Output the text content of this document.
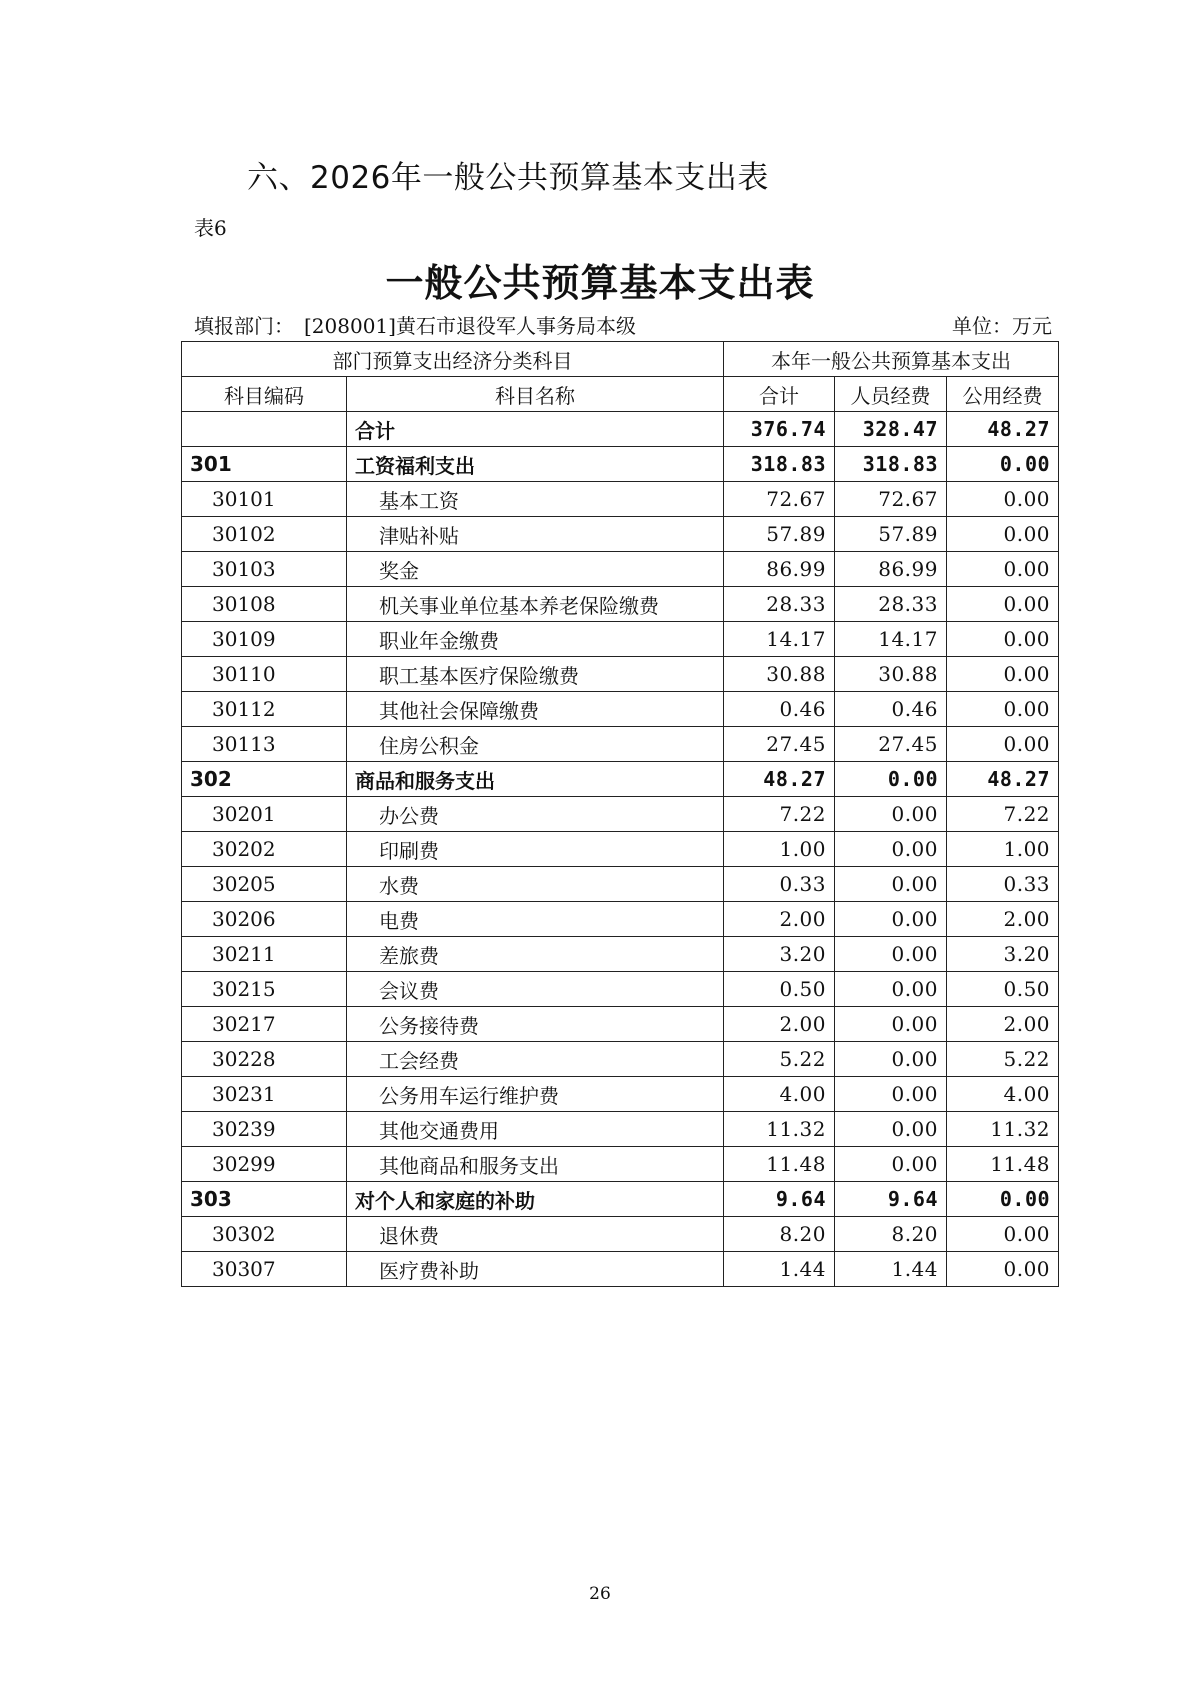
六、2026年一般公共预算基本支出表
表6
一般公共预算基本支出表
填报部门： [208001]黄石市退役军人事务局本级	单位：万元
部门预算支出经济分类科目		本年一般公共预算基本支出		
科目编码	科目名称	合计	人员经费	公用经费
	合计	376.74	328.47	48.27
301	工资福利支出	318.83	318.83	0.00
30101	基本工资	72.67	72.67	0.00
30102	津贴补贴	57.89	57.89	0.00
30103	奖金	86.99	86.99	0.00
30108	机关事业单位基本养老保险缴费	28.33	28.33	0.00
30109	职业年金缴费	14.17	14.17	0.00
30110	职工基本医疗保险缴费	30.88	30.88	0.00
30112	其他社会保障缴费	0.46	0.46	0.00
30113	住房公积金	27.45	27.45	0.00
302	商品和服务支出	48.27	0.00	48.27
30201	办公费	7.22	0.00	7.22
30202	印刷费	1.00	0.00	1.00
30205	水费	0.33	0.00	0.33
30206	电费	2.00	0.00	2.00
30211	差旅费	3.20	0.00	3.20
30215	会议费	0.50	0.00	0.50
30217	公务接待费	2.00	0.00	2.00
30228	工会经费	5.22	0.00	5.22
30231	公务用车运行维护费	4.00	0.00	4.00
30239	其他交通费用	11.32	0.00	11.32
30299	其他商品和服务支出	11.48	0.00	11.48
303	对个人和家庭的补助	9.64	9.64	0.00
30302	退休费	8.20	8.20	0.00
30307	医疗费补助	1.44	1.44	0.00
26
